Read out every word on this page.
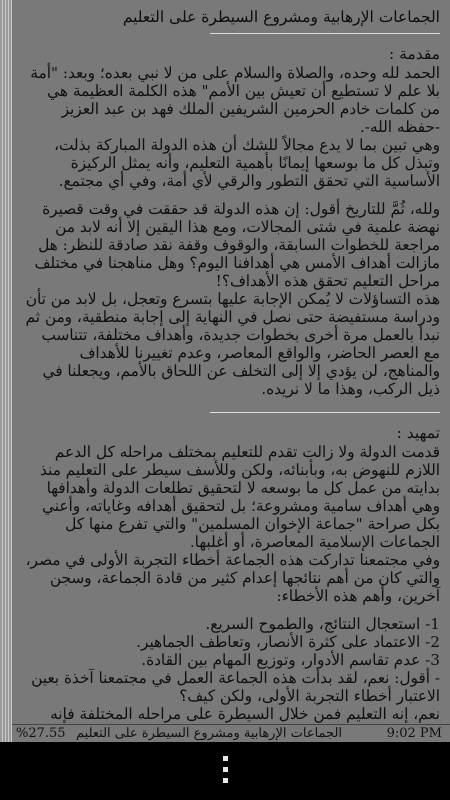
الجماعات الإرهابية ومشروع السيطرة على التعليم
مقدمة :

الحمد لله وحده، والصلاة والسلام على من لا نبي بعده؛ وبعد: "أمة بلا علم لا تستطيع أن تعيش بين الأمم" هذه الكلمة العظيمة هي من كلمات خادم الحرمين الشريفين الملك فهد بن عبد العزيز -حفظه الله-.

وهي تبين بما لا يدع مجالاً للشك أن هذه الدولة المباركة بذلت، وتبذل كل ما بوسعها إيمانًا بأهمية التعليم، وأنه يمثل الركيزة الأساسية التي تحقق التطور والرقي لأي أمة، وفي أي مجتمع.

ولله، ثُمَّ للتاريخ أقول: إن هذه الدولة قد حققت في وقت قصيرة نهضة علمية في شتى المجالات، ومع هذا اليقين إلا أنه لابد من مراجعة للخطوات السابقة، والوقوف وقفة نقد صادقة للنظر: هل مازالت أهداف الأمس هي أهدافنا اليوم؟ وهل مناهجنا في مختلف مراحل التعليم تحقق هذه الأهداف؟!

هذه التساؤلات لا يُمكن الإجابة عليها بتسرع وتعجل، بل لابد من تأن ودراسة مستفيضة حتى نصل في النهاية إلى إجابة منطقية، ومن ثم نبدأ بالعمل مرة أخرى بخطوات جديدة، وأهداف مختلفة، تتناسب مع العصر الحاضر، والواقع المعاصر، وعدم تغييرنا للأهداف والمناهج، لن يؤدي إلا إلى التخلف عن اللحاق بالأمم، ويجعلنا في ذيل الركب، وهذا ما لا نريده.

تمهيد :

قدمت الدولة ولا زالت تقدم للتعليم بمختلف مراحله كل الدعم اللازم للنهوض به، وبأبنائه، ولكن وللأسف سيطر على التعليم منذ بدايته من عمل كل ما بوسعه لا لتحقيق تطلعات الدولة وأهدافها وهي أهداف سامية ومشروعة؛ بل لتحقيق أهدافه وغاياته، وأعني بكل صراحة "جماعة الإخوان المسلمين" والتي تفرع منها كل الجماعات الإسلامية المعاصرة، أو أغلبها.

وفي مجتمعنا تداركت هذه الجماعة أخطاء التجربة الأولى في مصر، والتي كان من أهم نتائجها إعدام كثير من قادة الجماعة، وسجن آخرين، وأهم هذه الأخطاء:

1- استعجال النتائج، والطموح السريع.

2- الاعتماد على كثرة الأنصار، وتعاطف الجماهير.

3- عدم تقاسم الأدوار، وتوزيع المهام بين القادة.

- أقول: نعم، لقد بدأت هذه الجماعة العمل في مجتمعنا آخذة بعين الاعتبار أخطاء التجربة الأولى، ولكن كيف؟

نعم، إنه التعليم فمن خلال السيطرة على مراحله المختلفة فإنه

%27.55 الجماعات الإرهابية ومشروع السيطرة على التعليم	9:02 PM
